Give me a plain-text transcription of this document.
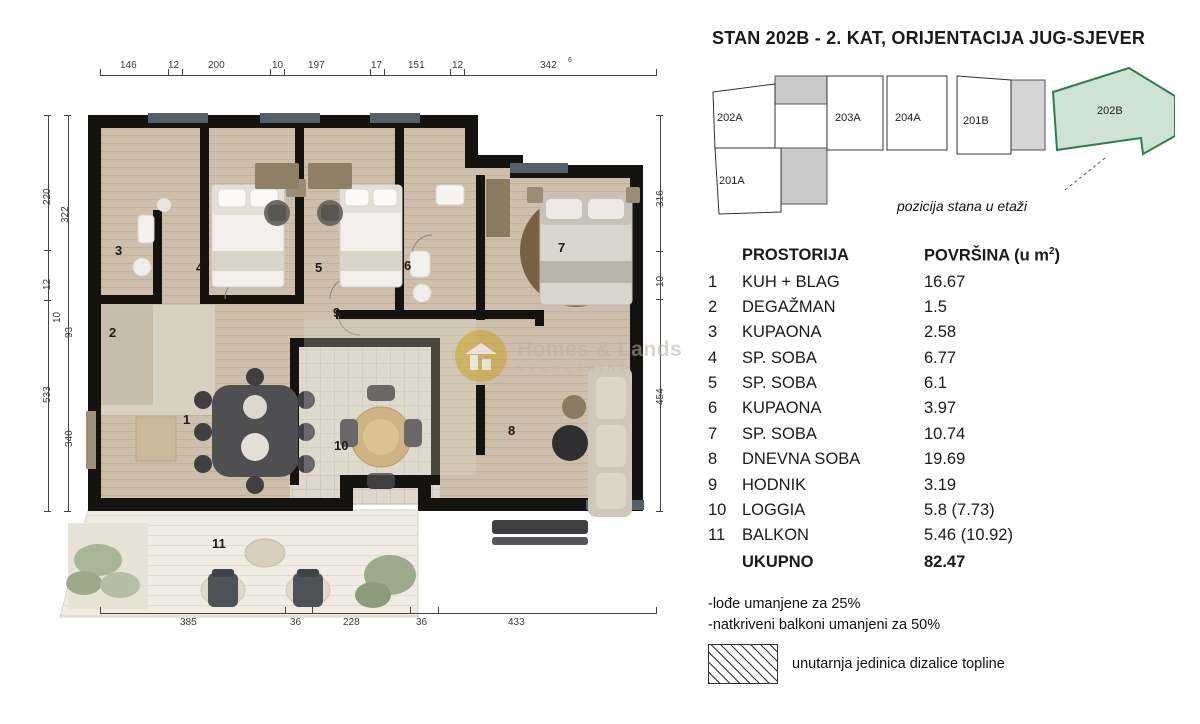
STAN 202B - 2. KAT, ORIJENTACIJA JUG-SJEVER
1
2
3
4	5	6
7
8
9
10
11
146	12	200	10 197	17	151	12	342 6
385	36	228	36	433
220
322
12
10
93
533
340
316
10
454
Homes & Lands
NEKRETNINE
202A
201A
203A	204A	201B
202B
pozicija stana u etaži
PROSTORIJA	POVRŠINA (u $m^2$)
1	KUH + BLAG	16.67
2	DEGAŽMAN	1.5
3	KUPAONA	2.58
4	SP. SOBA	6.77
5	SP. SOBA	6.1
6	KUPAONA	3.97
7	SP. SOBA	10.74
8	DNEVNA SOBA	19.69
9	HODNIK	3.19
10 LOGGIA	5.8 (7.73)
11	BALKON	5.46 (10.92)
UKUPNO	82.47
-lođe umanjene za 25%
-natkriveni balkoni umanjeni za 50%
unutarnja jedinica dizalice topline
